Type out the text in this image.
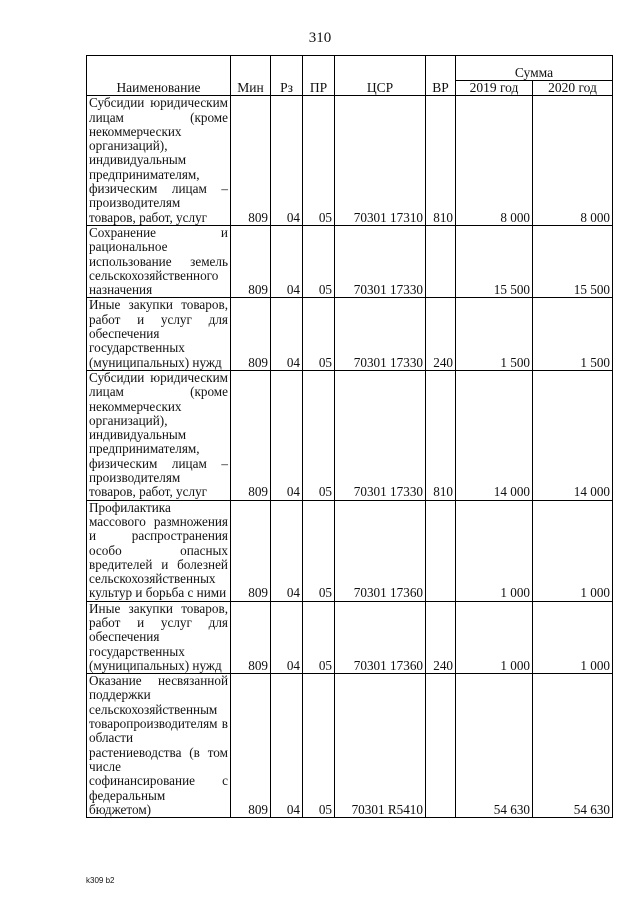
310
Наименование	Мин	Рз	ПР	ЦСР	ВР	Сумма	
						2019 год	2020 год
Субсидии юридическим лицам (кроме некоммерческих организаций), индивидуальным предпринимателям, физическим лицам – производителям товаров, работ, услуг	809	04	05	70301 17310	810	8 000	8 000
Сохранение и рациональное использование земель сельскохозяйственного назначения	809	04	05	70301 17330		15 500	15 500
Иные закупки товаров, работ и услуг для обеспечения государственных (муниципальных) нужд	809	04	05	70301 17330	240	1 500	1 500
Субсидии юридическим лицам (кроме некоммерческих организаций), индивидуальным предпринимателям, физическим лицам – производителям товаров, работ, услуг	809	04	05	70301 17330	810	14 000	14 000
Профилактика массового размножения и распространения особо опасных вредителей и болезней сельскохозяйственных культур и борьба с ними	809	04	05	70301 17360		1 000	1 000
Иные закупки товаров, работ и услуг для обеспечения государственных (муниципальных) нужд	809	04	05	70301 17360	240	1 000	1 000
Оказание несвязанной поддержки сельскохозяйственным товаропроизводителям в области растениеводства (в том числе софинансирование с федеральным бюджетом)	809	04	05	70301 R5410		54 630	54 630
k309 b2
